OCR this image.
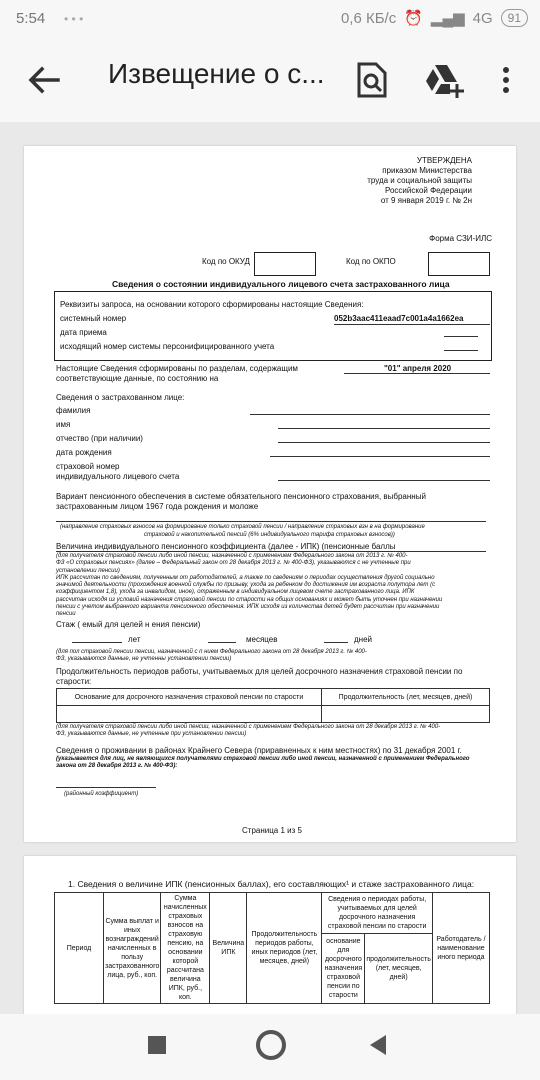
5:54 • • •	0,6 КБ/с ⏰ ▂▄▆ 4G	91
Извещение о с...
УТВЕРЖДЕНА
приказом Министерства
труда и социальной защиты
Российской Федерации
от 9 января 2019 г. № 2н
Форма СЗИ-ИЛС
Код по ОКУД	Код по ОКПО
Сведения о состоянии индивидуального лицевого счета застрахованного лица
Реквизиты запроса, на основании которого сформированы настоящие Сведения:
системный номер	052b3aac411eaad7c001a4a1662ea
дата приема
исходящий номер системы персонифицированного учета
Настоящие Сведения сформированы по разделам, содержащим
соответствующие данные, по состоянию на
"01" апреля 2020
Сведения о застрахованном лице:
фамилия
имя
отчество (при наличии)
дата рождения
страховой номер
индивидуального лицевого счета
Вариант пенсионного обеспечения в системе обязательного пенсионного страхования, выбранный
застрахованным лицом 1967 года рождения и моложе
(направление страховых взносов на формирование только страховой пенсии / направление страховых взн в на формирование
страховой и накопительной пенсий (6% индивидуального тарифа страховых взносов))
Величина индивидуального пенсионного коэффициента (далее - ИПК) (пенсионные баллы
(для получателя страховой пенсии либо иной пенсии, назначенной с применением Федерального закона от 2013 г. № 400-
ФЗ «О страховых пенсиях» (далее – Федеральный закон от 28 декабря 2013 г. № 400-ФЗ), указываются с не учтенные при
установлении пенсии)
ИПК рассчитан по сведениям, полученным от работодателей, а также по сведениям о периодах осуществления другой социально
значимой деятельности (прохождения военной службы по призыву, ухода за ребенком до достижения им возраста полутора лет (с
коэффициентом 1,8), ухода за инвалидом, иное), отраженным в индивидуальном лицевом счете застрахованного лица. ИПК
рассчитан исходя из условий назначения страховой пенсии по старости на общих основаниях и может быть уточнен при назначении
пенсии с учетом выбранного варианта пенсионного обеспечения. ИПК исходя из количества детей будет рассчитан при назначении
пенсии
Стаж ( емый для целей н ения пенсии)
лет	месяцев	дней
(для пол страховой пенсии пенсии, назначенной с п нием Федерального закона от 28 декабря 2013 г. № 400-
ФЗ, указываются данные, не учтенны установлении пенсии)
Продолжительность периодов работы, учитываемых для целей досрочного назначения страховой пенсии по
старости:
Основание для досрочного назначения страховой пенсии по старости	Продолжительность (лет, месяцев, дней)

(для получателя страховой пенсии либо иной пенсии, назначенной с применением Федерального закона от 28 декабря 2013 г. № 400-
ФЗ, указываются данные, не учтенные при установлении пенсии)
Сведения о проживании в районах Крайнего Севера (приравненных к ним местностях) по 31 декабря 2001 г.
(указывается для лиц, не являющихся получателями страховой пенсии либо иной пенсии, назначенной с применением Федерального
закона от 28 декабря 2013 г. № 400-ФЗ):
(районный коэффициент)
Страница 1 из 5
1. Сведения о величине ИПК (пенсионных баллах), его составляющих¹ и стаже застрахованного лица:
Период	Сумма выплат и иных вознаграждений начисленных в пользу застрахованного лица, руб., коп.	Сумма начисленных страховых взносов на страховую пенсию, на основании которой рассчитана величина ИПК, руб., коп.	Величина ИПК	Продолжительность периодов работы, иных периодов (лет, месяцев, дней)	Сведения о периодах работы, учитываемых для целей досрочного назначения страховой пенсии по старости		Работодатель / наименование иного периода
					основание для досрочного назначения страховой пенсии по старости	продолжительность (лет, месяцев, дней)	
